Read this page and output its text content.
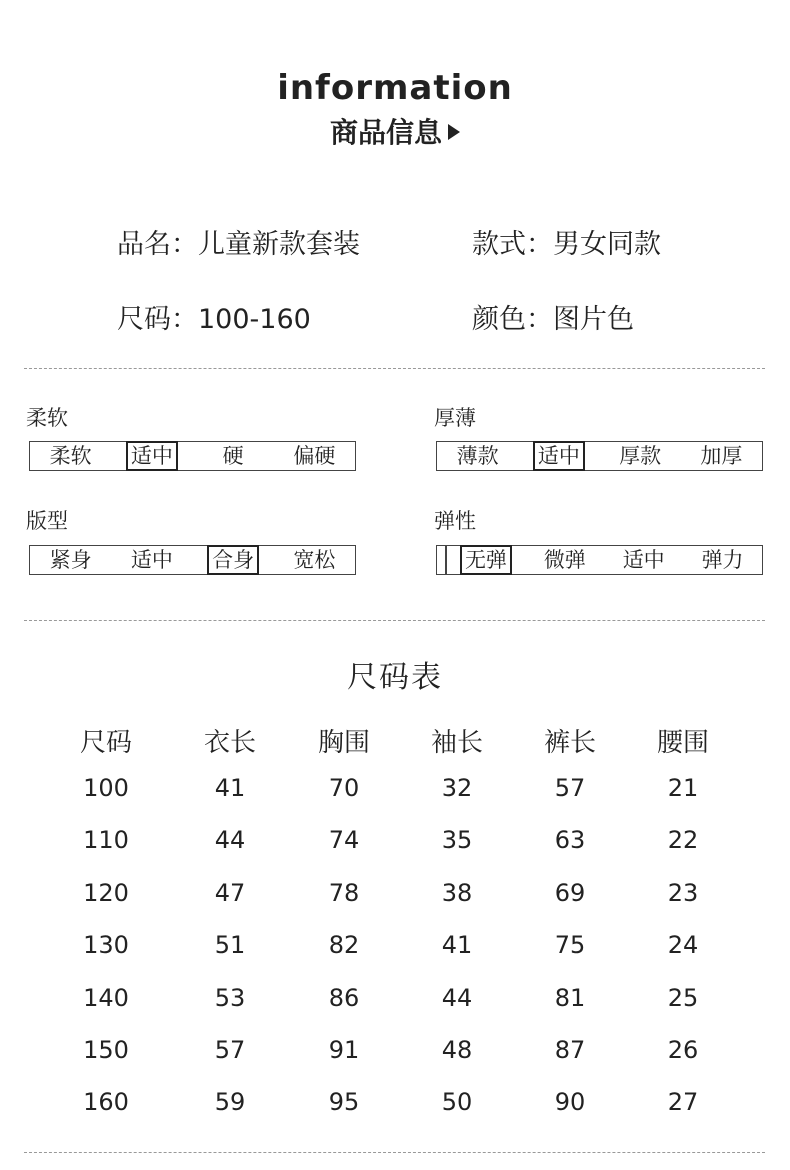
information
商品信息
品名：儿童新款套装	款式：男女同款
尺码：100-160	颜色：图片色
柔软
柔软	适中	硬	偏硬
厚薄
薄款	适中	厚款	加厚
版型
紧身	适中	合身	宽松
弹性
无弹	微弹	适中	弹力
尺码表
尺码	衣长	胸围	袖长	裤长	腰围
100	41	70	32	57	21
110	44	74	35	63	22
120	47	78	38	69	23
130	51	82	41	75	24
140	53	86	44	81	25
150	57	91	48	87	26
160	59	95	50	90	27
